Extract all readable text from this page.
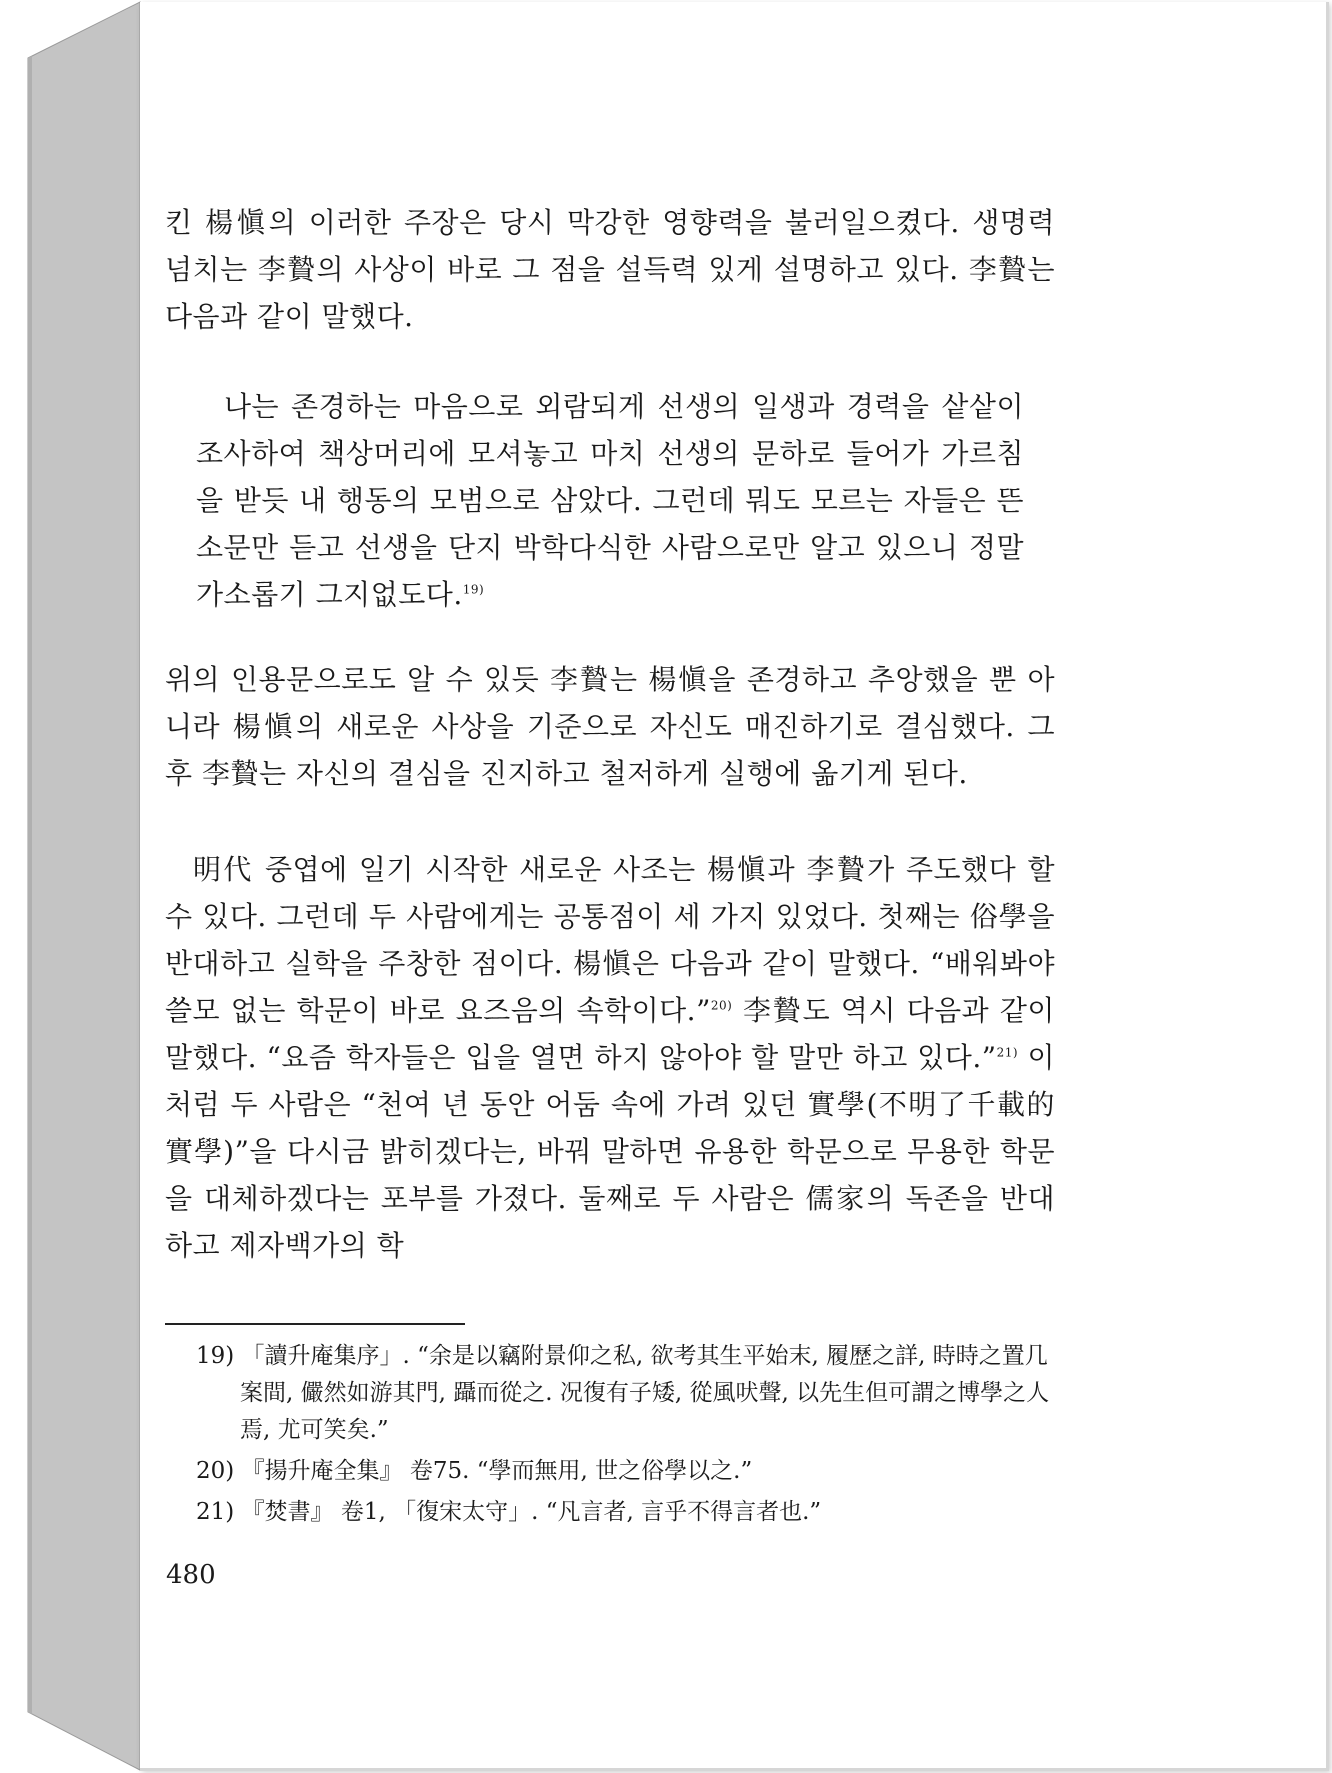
킨 楊愼의 이러한 주장은 당시 막강한 영향력을 불러일으켰다. 생명력 넘치는 李贄의 사상이 바로 그 점을 설득력 있게 설명하고 있다. 李贄는 다음과 같이 말했다.

나는 존경하는 마음으로 외람되게 선생의 일생과 경력을 샅샅이 조사하여 책상머리에 모셔놓고 마치 선생의 문하로 들어가 가르침을 받듯 내 행동의 모범으로 삼았다. 그런데 뭐도 모르는 자들은 뜬소문만 듣고 선생을 단지 박학다식한 사람으로만 알고 있으니 정말 가소롭기 그지없도다.$^{19)}$

위의 인용문으로도 알 수 있듯 李贄는 楊愼을 존경하고 추앙했을 뿐 아니라 楊愼의 새로운 사상을 기준으로 자신도 매진하기로 결심했다. 그 후 李贄는 자신의 결심을 진지하고 철저하게 실행에 옮기게 된다.

明代 중엽에 일기 시작한 새로운 사조는 楊愼과 李贄가 주도했다 할 수 있다. 그런데 두 사람에게는 공통점이 세 가지 있었다. 첫째는 俗學을 반대하고 실학을 주창한 점이다. 楊愼은 다음과 같이 말했다. “배워봐야 쓸모 없는 학문이 바로 요즈음의 속학이다.”$^{20)}$ 李贄도 역시 다음과 같이 말했다. “요즘 학자들은 입을 열면 하지 않아야 할 말만 하고 있다.”$^{21)}$ 이처럼 두 사람은 “천여 년 동안 어둠 속에 가려 있던 實學(不明了千載的實學)”을 다시금 밝히겠다는, 바꿔 말하면 유용한 학문으로 무용한 학문을 대체하겠다는 포부를 가졌다. 둘째로 두 사람은 儒家의 독존을 반대하고 제자백가의 학

19) 「讀升庵集序」. “余是以竊附景仰之私, 欲考其生平始末, 履歷之詳, 時時之置几案間, 儼然如游其門, 躡而從之. 况復有子矮, 從風吠聲, 以先生但可謂之博學之人焉, 尤可笑矣.”

20) 『揚升庵全集』 卷75. “學而無用, 世之俗學以之.”

21) 『焚書』 卷1, 「復宋太守」. “凡言者, 言乎不得言者也.”

480
